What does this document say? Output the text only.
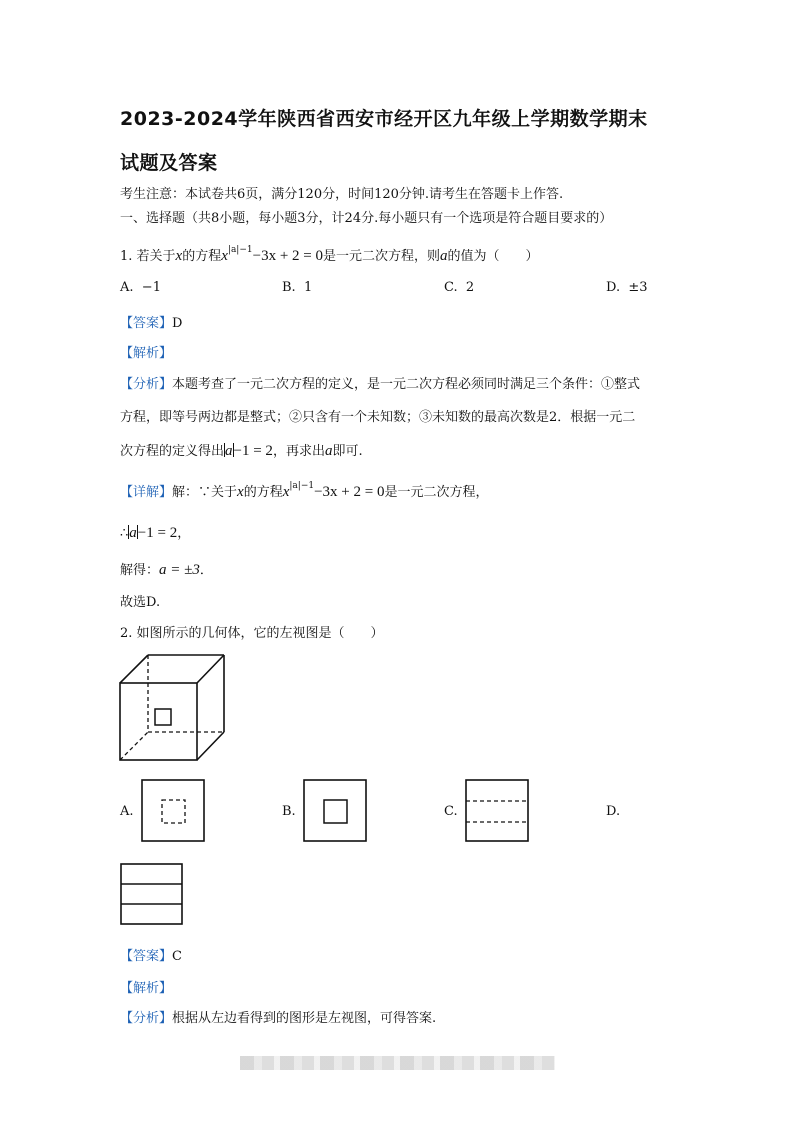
2023-2024学年陕西省西安市经开区九年级上学期数学期末
试题及答案
考生注意：本试卷共6页，满分120分，时间120分钟.请考生在答题卡上作答.
一、选择题（共8小题，每小题3分，计24分.每小题只有一个选项是符合题目要求的）
1. 若关于x的方程$x^{|a|-1}-3x + 2 = 0$是一元二次方程，则a的值为（　　）
A. −1	B. 1	C. 2	D. ±3
【答案】D
【解析】
【分析】本题考查了一元二次方程的定义，是一元二次方程必须同时满足三个条件：①整式
方程，即等号两边都是整式；②只含有一个未知数；③未知数的最高次数是2．根据一元二
次方程的定义得出a−1 = 2，再求出a即可.
【详解】解：∵关于x的方程$x^{|a|-1}-3x + 2 = 0$是一元二次方程，
∴a−1 = 2，
解得：a = ±3．
故选D.
2. 如图所示的几何体，它的左视图是（　　）
A.	B.	C.	D.
【答案】C
【解析】
【分析】根据从左边看得到的图形是左视图，可得答案.
